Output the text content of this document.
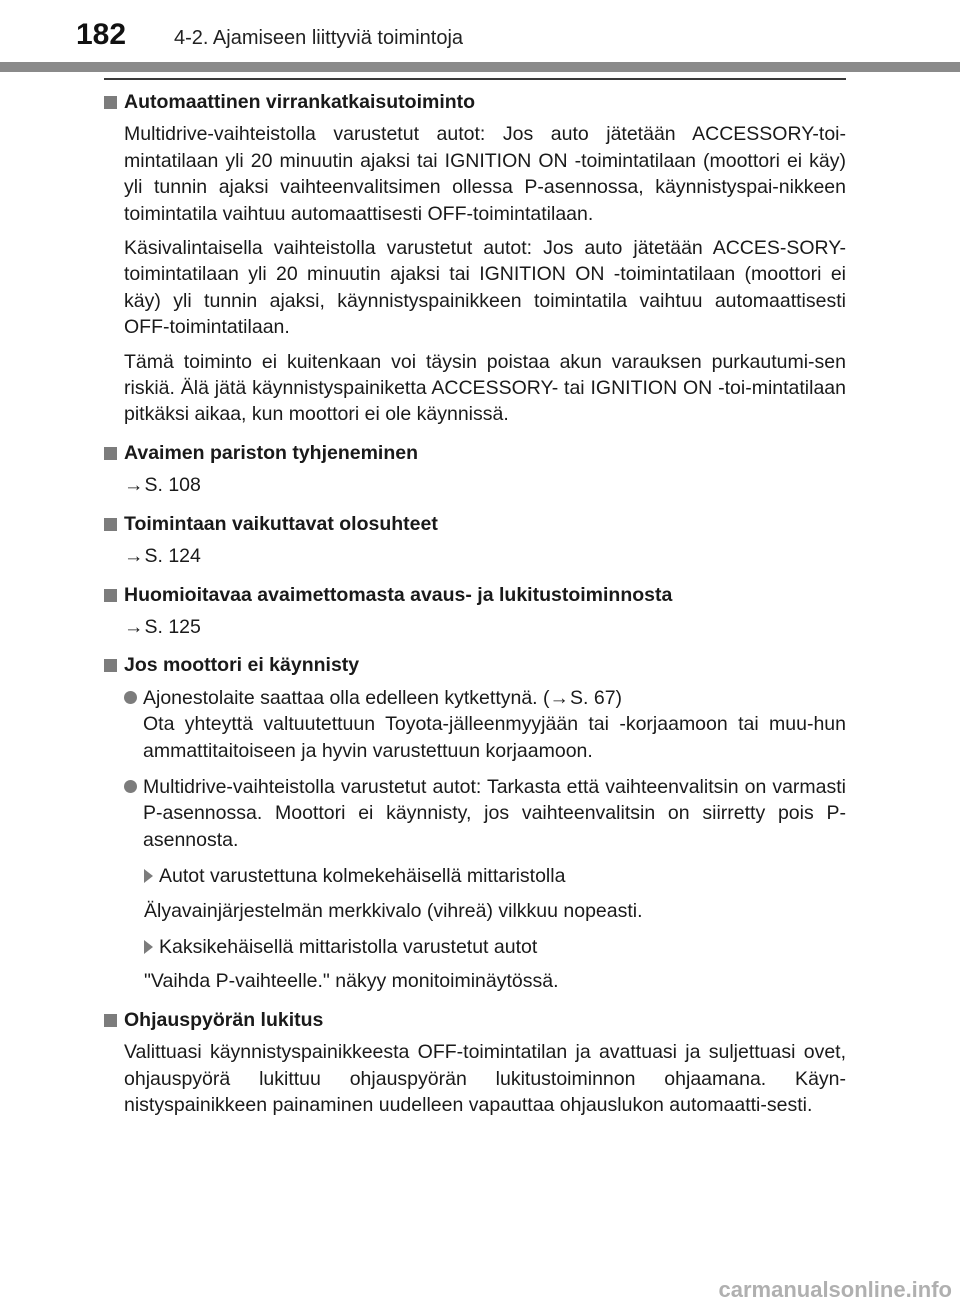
182 4-2. Ajamiseen liittyviä toimintoja
Automaattinen virrankatkaisutoiminto

Multidrive-vaihteistolla varustetut autot: Jos auto jätetään ACCESSORY-toi-mintatilaan yli 20 minuutin ajaksi tai IGNITION ON -toimintatilaan (moottori ei käy) yli tunnin ajaksi vaihteenvalitsimen ollessa P-asennossa, käynnistyspai-nikkeen toimintatila vaihtuu automaattisesti OFF-toimintatilaan.

Käsivalintaisella vaihteistolla varustetut autot: Jos auto jätetään ACCES-SORY-toimintatilaan yli 20 minuutin ajaksi tai IGNITION ON -toimintatilaan (moottori ei käy) yli tunnin ajaksi, käynnistyspainikkeen toimintatila vaihtuu automaattisesti OFF-toimintatilaan.

Tämä toiminto ei kuitenkaan voi täysin poistaa akun varauksen purkautumi-sen riskiä. Älä jätä käynnistyspainiketta ACCESSORY- tai IGNITION ON -toi-mintatilaan pitkäksi aikaa, kun moottori ei ole käynnissä.

Avaimen pariston tyhjeneminen

→S. 108

Toimintaan vaikuttavat olosuhteet

→S. 124

Huomioitavaa avaimettomasta avaus- ja lukitustoiminnosta

→S. 125

Jos moottori ei käynnisty

Ajonestolaite saattaa olla edelleen kytkettynä. (→S. 67)

Ota yhteyttä valtuutettuun Toyota-jälleenmyyjään tai -korjaamoon tai muu-hun ammattitaitoiseen ja hyvin varustettuun korjaamoon.

Multidrive-vaihteistolla varustetut autot: Tarkasta että vaihteenvalitsin on varmasti P-asennossa. Moottori ei käynnisty, jos vaihteenvalitsin on siirretty pois P-asennosta.

Autot varustettuna kolmekehäisellä mittaristolla

Älyavainjärjestelmän merkkivalo (vihreä) vilkkuu nopeasti.

Kaksikehäisellä mittaristolla varustetut autot

"Vaihda P-vaihteelle." näkyy monitoiminäytössä.

Ohjauspyörän lukitus

Valittuasi käynnistyspainikkeesta OFF-toimintatilan ja avattuasi ja suljettuasi ovet, ohjauspyörä lukittuu ohjauspyörän lukitustoiminnon ohjaamana. Käyn-nistyspainikkeen painaminen uudelleen vapauttaa ohjauslukon automaatti-sesti.

carmanualsonline.info
